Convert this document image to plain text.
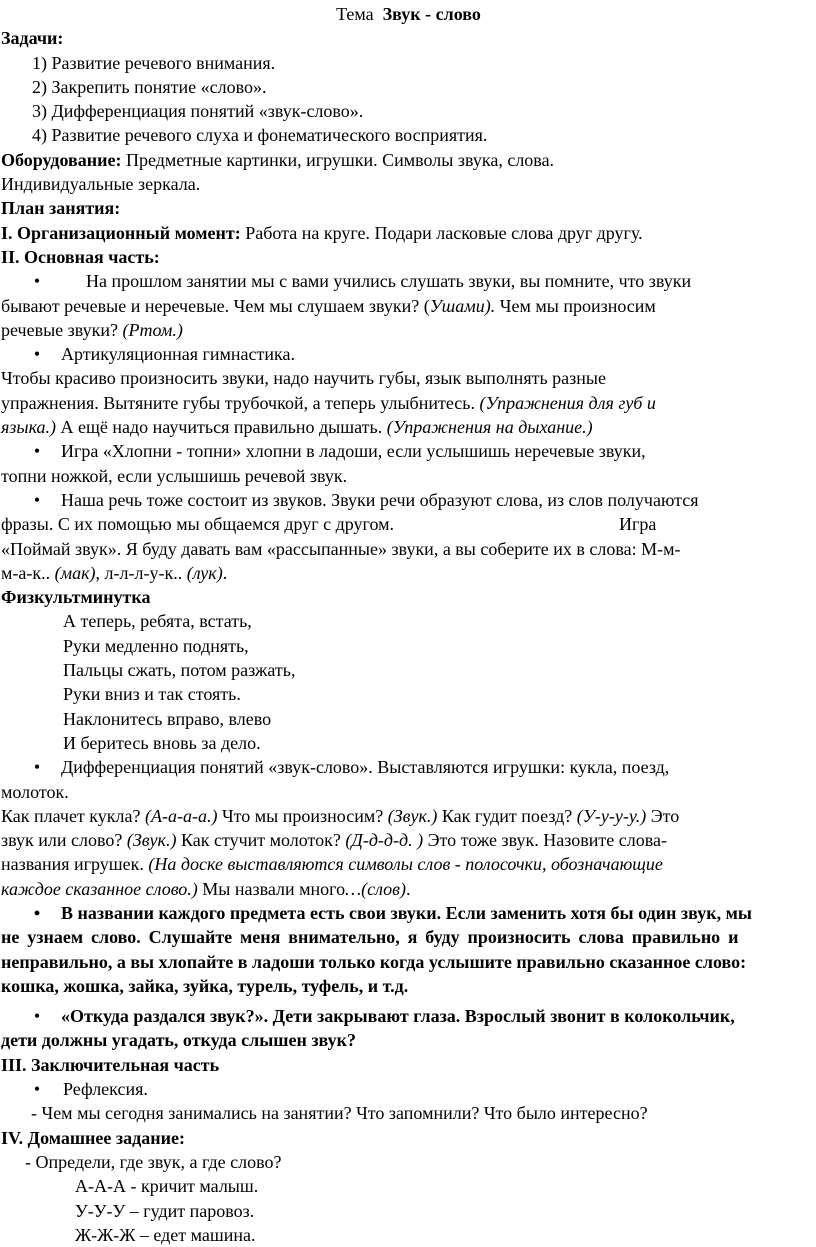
Тема Звук - слово

Задачи:

1) Развитие речевого внимания.

2) Закрепить понятие «слово».

3) Дифференциация понятий «звук-слово».

4) Развитие речевого слуха и фонематического восприятия.

Оборудование: Предметные картинки, игрушки. Символы звука, слова.

Индивидуальные зеркала.

План занятия:

I. Организационный момент: Работа на круге. Подари ласковые слова друг другу.

II. Основная часть:

•	На прошлом занятии мы с вами учились слушать звуки, вы помните, что звуки

бывают речевые и неречевые. Чем мы слушаем звуки? (Ушами). Чем мы произносим

речевые звуки? (Ртом.)

• Артикуляционная гимнастика.

Чтобы красиво произносить звуки, надо научить губы, язык выполнять разные

упражнения. Вытяните губы трубочкой, а теперь улыбнитесь. (Упражнения для губ и

языка.) А ещё надо научиться правильно дышать. (Упражнения на дыхание.)

• Игра «Хлопни - топни» хлопни в ладоши, если услышишь неречевые звуки,

топни ножкой, если услышишь речевой звук.

• Наша речь тоже состоит из звуков. Звуки речи образуют слова, из слов получаются

фразы. С их помощью мы общаемся друг с другом.	Игра

«Поймай звук». Я буду давать вам «рассыпанные» звуки, а вы соберите их в слова: М-м-

м-а-к.. (мак), л-л-л-у-к.. (лук).

Физкультминутка

А теперь, ребята, встать,

Руки медленно поднять,

Пальцы сжать, потом разжать,

Руки вниз и так стоять.

Наклонитесь вправо, влево

И беритесь вновь за дело.

• Дифференциация понятий «звук-слово». Выставляются игрушки: кукла, поезд,

молоток.

Как плачет кукла? (А-а-а-а.) Что мы произносим? (Звук.) Как гудит поезд? (У-у-у-у.) Это

звук или слово? (Звук.) Как стучит молоток? (Д-д-д-д. ) Это тоже звук. Назовите слова-

названия игрушек. (На доске выставляются символы слов - полосочки, обозначающие

каждое сказанное слово.) Мы назвали много…(слов).

• В названии каждого предмета есть свои звуки. Если заменить хотя бы один звук, мы

не узнаем слово. Слушайте меня внимательно, я буду произносить слова правильно и

неправильно, а вы хлопайте в ладоши только когда услышите правильно сказанное слово:

кошка, жошка, зайка, зуйка, турель, туфель, и т.д.

• «Откуда раздался звук?». Дети закрывают глаза. Взрослый звонит в колокольчик,

дети должны угадать, откуда слышен звук?

III. Заключительная часть

• Рефлексия.

- Чем мы сегодня занимались на занятии? Что запомнили? Что было интересно?

IV. Домашнее задание:

- Определи, где звук, а где слово?

А-А-А - кричит малыш.

У-У-У – гудит паровоз.

Ж-Ж-Ж – едет машина.
